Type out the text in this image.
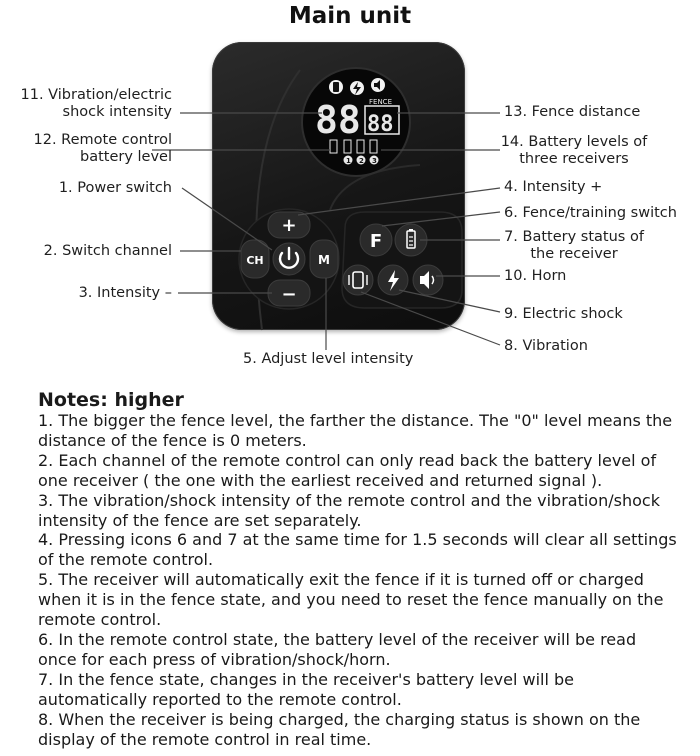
Main unit
88 FENCE
88
1 2 3
+
−
CH	M
F
11. Vibration/electric
shock intensity
12. Remote control
battery level
1. Power switch
2. Switch channel
3. Intensity –
13. Fence distance
14. Battery levels of
three receivers
4. Intensity +
6. Fence/training switch
7. Battery status of
the receiver
10. Horn
9. Electric shock
8. Vibration
5. Adjust level intensity
Notes: higher

1. The bigger the fence level, the farther the distance. The "0" level means the distance of the fence is 0 meters.

2. Each channel of the remote control can only read back the battery level of one receiver ( the one with the earliest received and returned signal ).

3. The vibration/shock intensity of the remote control and the vibration/shock intensity of the fence are set separately.

4. Pressing icons 6 and 7 at the same time for 1.5 seconds will clear all settings of the remote control.

5. The receiver will automatically exit the fence if it is turned off or charged when it is in the fence state, and you need to reset the fence manually on the remote control.

6. In the remote control state, the battery level of the receiver will be read once for each press of vibration/shock/horn.

7. In the fence state, changes in the receiver's battery level will be automatically reported to the remote control.

8. When the receiver is being charged, the charging status is shown on the display of the remote control in real time.
